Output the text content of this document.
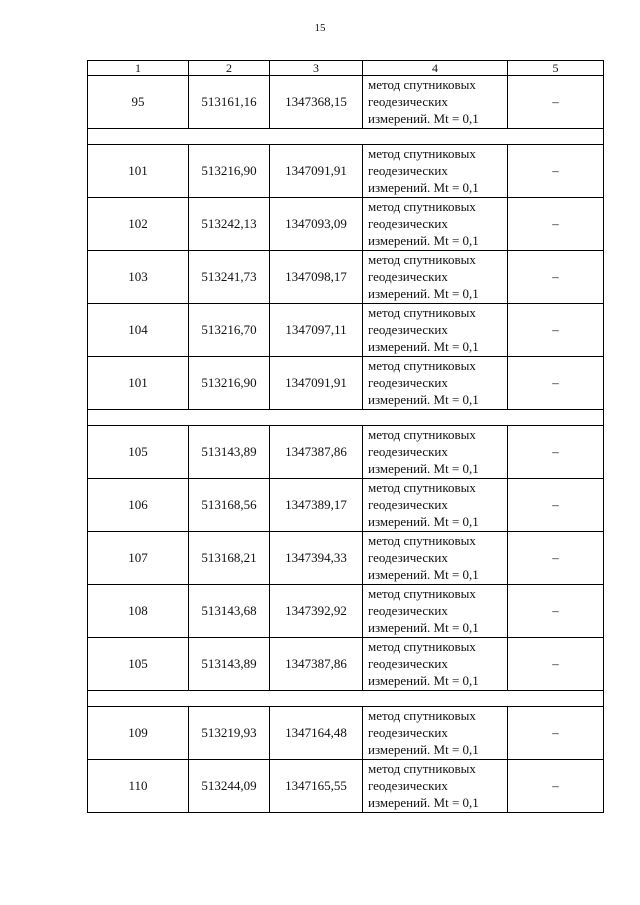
15
1	2	3	4	5
95	513161,16	1347368,15	метод спутниковых
геодезических
измерений. Mt = 0,1	–

101	513216,90	1347091,91	метод спутниковых
геодезических
измерений. Mt = 0,1	–
102	513242,13	1347093,09	метод спутниковых
геодезических
измерений. Mt = 0,1	–
103	513241,73	1347098,17	метод спутниковых
геодезических
измерений. Mt = 0,1	–
104	513216,70	1347097,11	метод спутниковых
геодезических
измерений. Mt = 0,1	–
101	513216,90	1347091,91	метод спутниковых
геодезических
измерений. Mt = 0,1	–

105	513143,89	1347387,86	метод спутниковых
геодезических
измерений. Mt = 0,1	–
106	513168,56	1347389,17	метод спутниковых
геодезических
измерений. Mt = 0,1	–
107	513168,21	1347394,33	метод спутниковых
геодезических
измерений. Mt = 0,1	–
108	513143,68	1347392,92	метод спутниковых
геодезических
измерений. Mt = 0,1	–
105	513143,89	1347387,86	метод спутниковых
геодезических
измерений. Mt = 0,1	–

109	513219,93	1347164,48	метод спутниковых
геодезических
измерений. Mt = 0,1	–
110	513244,09	1347165,55	метод спутниковых
геодезических
измерений. Mt = 0,1	–
